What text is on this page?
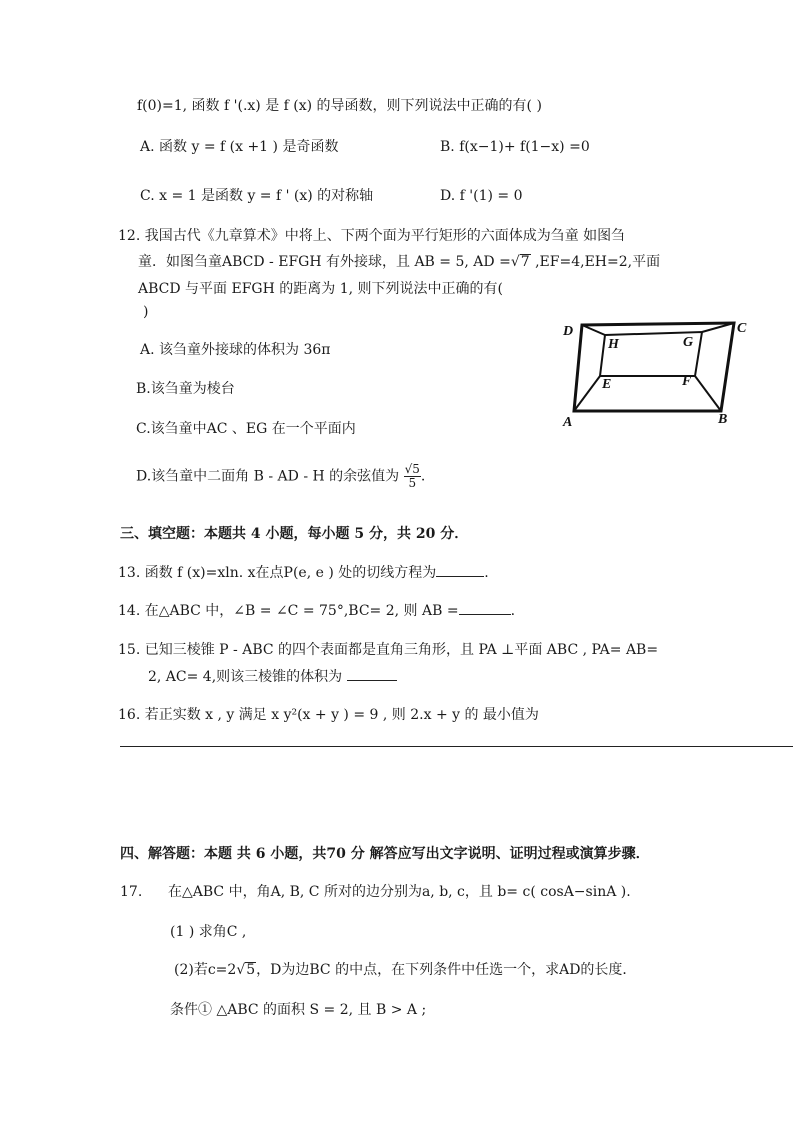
f(0)=1, 函数 f '(.x) 是 f (x) 的导函数，则下列说法中正确的有( )
A. 函数 y = f (x +1 ) 是奇函数	B. f(x−1)+ f(1−x) =0
C. x = 1 是函数 y = f ' (x) 的对称轴	D. f '(1) = 0
12. 我国古代《九章算术》中将上、下两个面为平行矩形的六面体成为刍童 如图刍
童．如图刍童ABCD - EFGH 有外接球，且 AB = 5, AD =√7 ,EF=4,EH=2,平面
ABCD 与平面 EFGH 的距离为 1, 则下列说法中正确的有(
)
A. 该刍童外接球的体积为 36π
B.该刍童为棱台
C.该刍童中AC 、EG 在一个平面内
D.该刍童中二面角 B - AD - H 的余弦值为 $\frac{√5}{5}$ .
D	C
H	G
E	F
A	B
三、填空题：本题共 4 小题，每小题 5 分，共 20 分．
13. 函数 f (x)=xln. x在点P(e, e ) 处的切线方程为	.
14. 在△ABC 中，∠B = ∠C = 75°,BC= 2, 则 AB =	.
15. 已知三棱锥 P - ABC 的四个表面都是直角三角形，且 PA ⊥平面 ABC , PA= AB=
2, AC= 4,则该三棱锥的体积为
16. 若正实数 x , y 满足 x y²(x + y ) = 9 , 则 2.x + y 的 最小值为
四、解答题：本题 共 6 小题，共70 分 解答应写出文字说明、证明过程或演算步骤．
17. 在△ABC 中，角A, B, C 所对的边分别为a, b, c，且 b= c( cosA−sinA ).
(1 ) 求角C ,
(2)若c=2√5，D为边BC 的中点，在下列条件中任选一个，求AD的长度．
条件① △ABC 的面积 S = 2, 且 B > A ;
